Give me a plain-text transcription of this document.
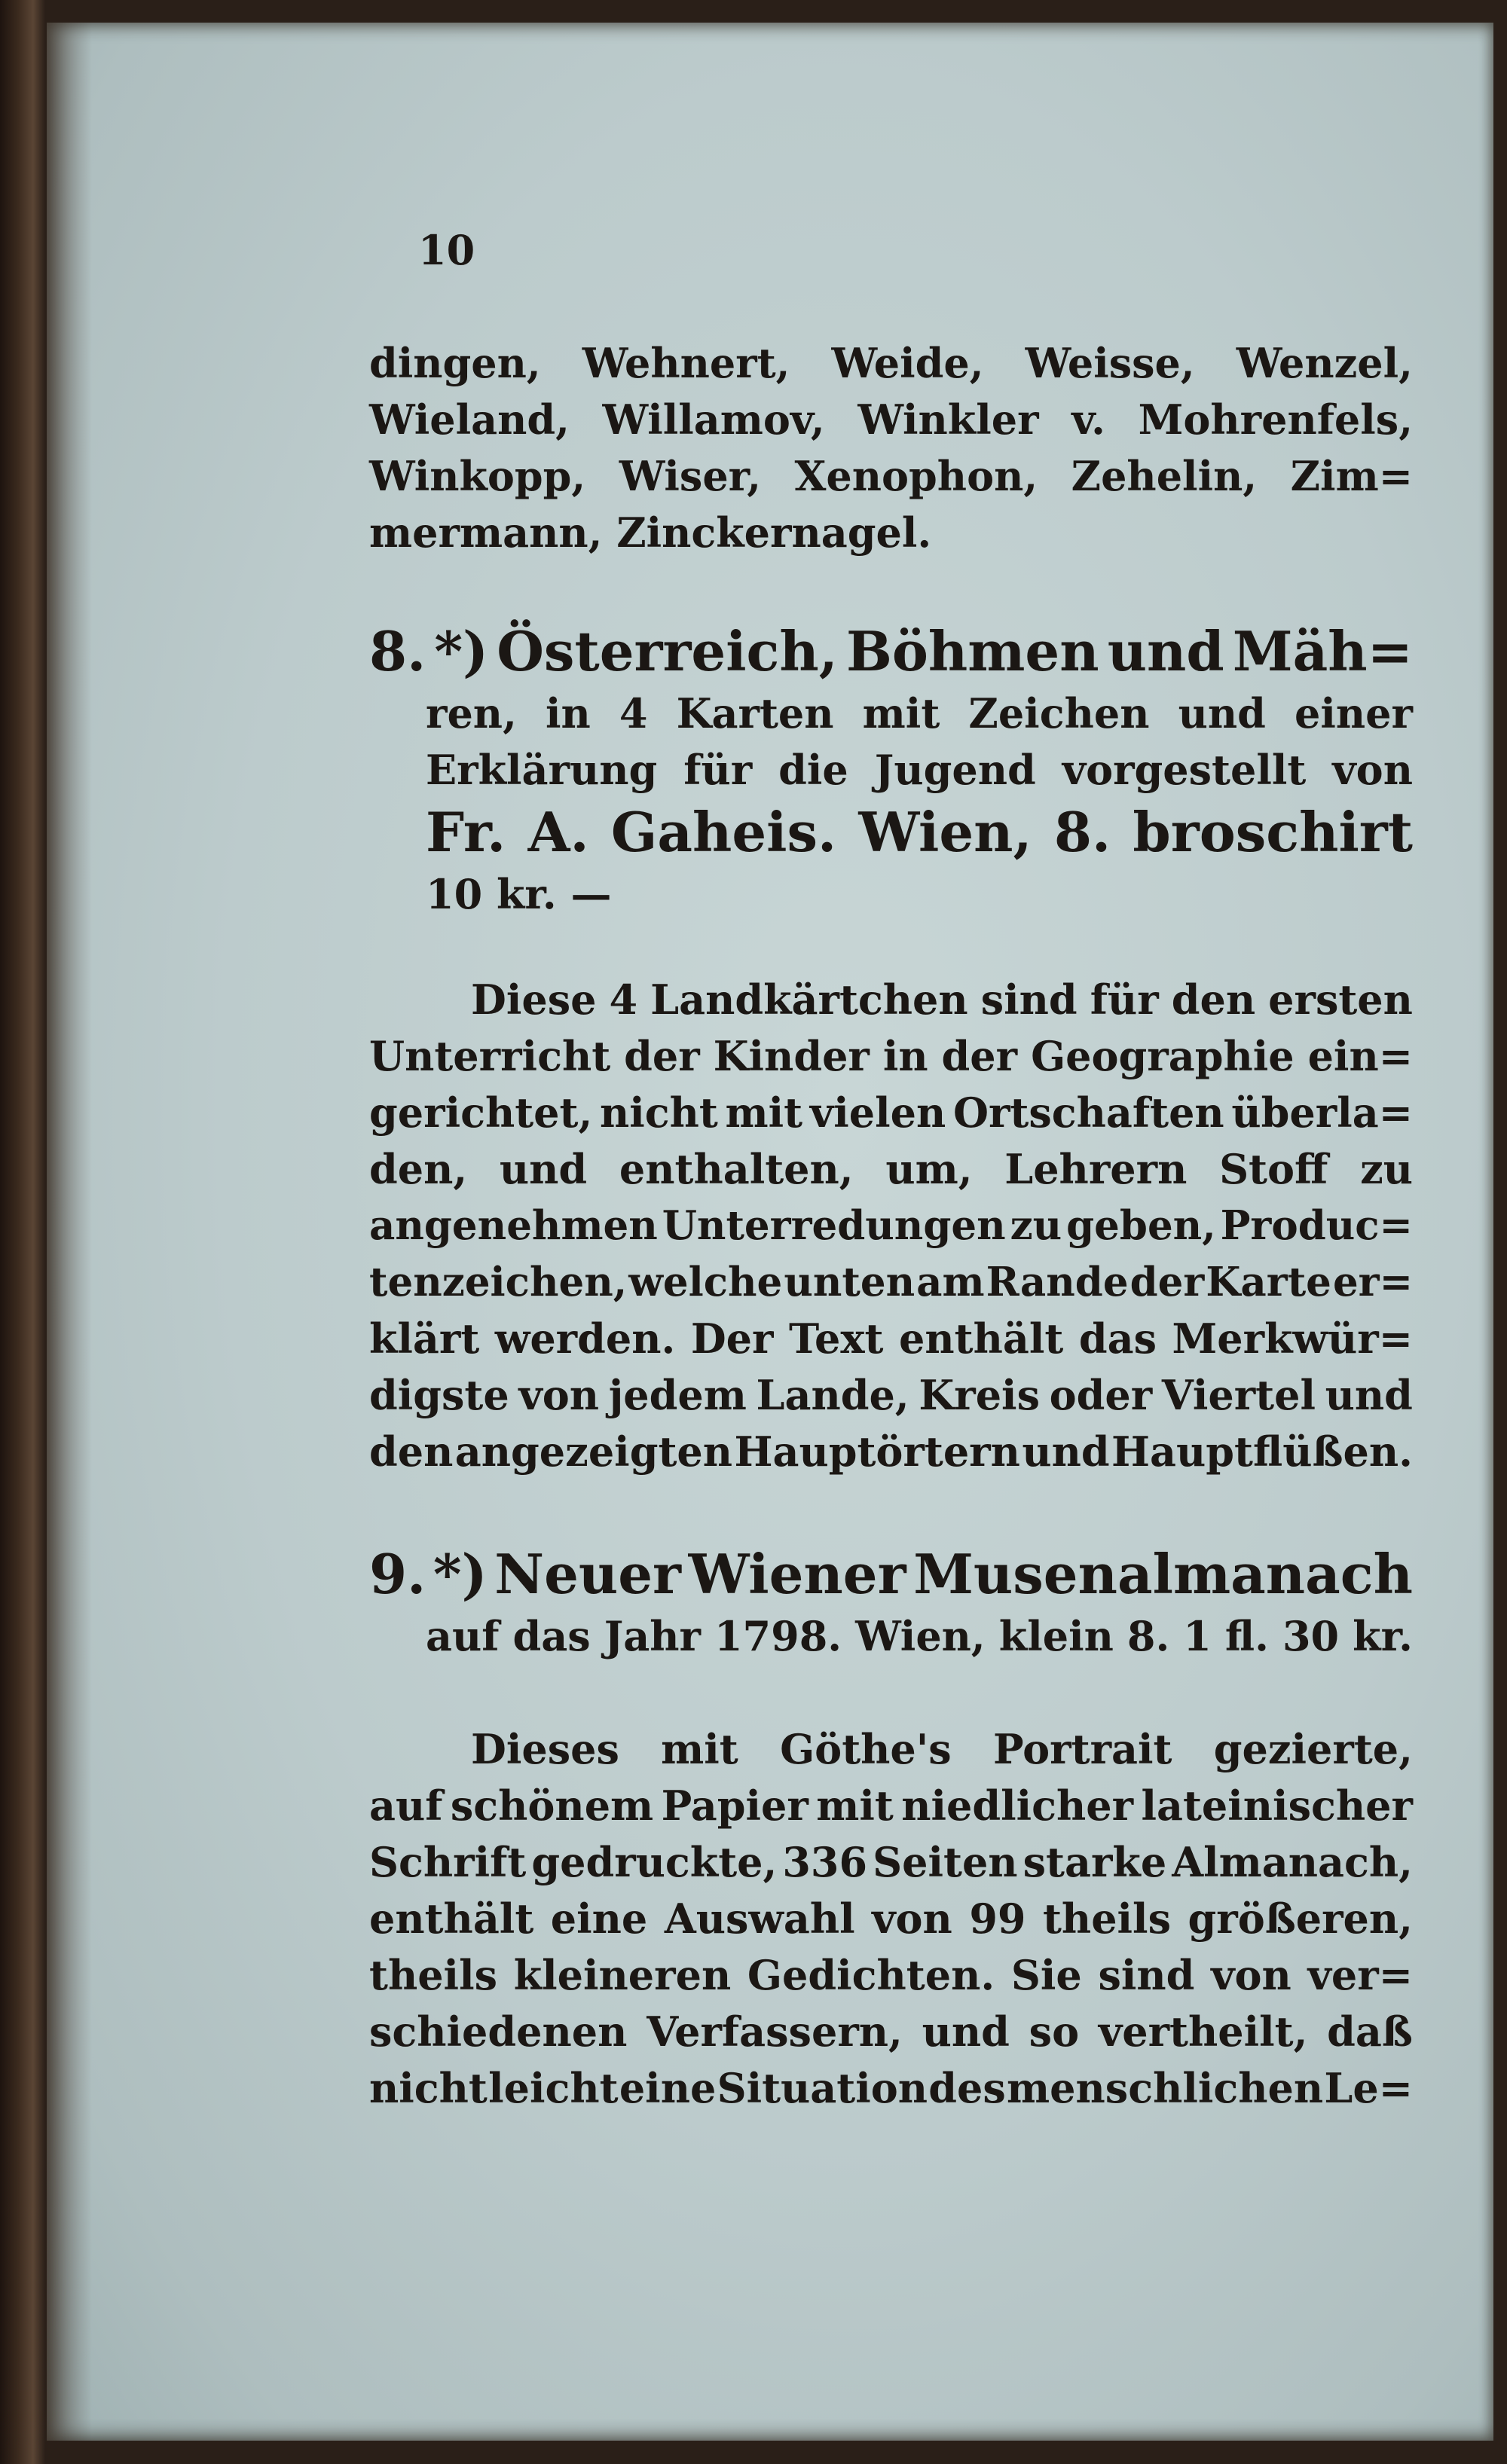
10
dingen, Wehnert, Weide, Weisse, Wenzel,
Wieland, Willamov, Winkler v. Mohrenfels,
Winkopp, Wiser, Xenophon, Zehelin, Zim=
mermann, Zinckernagel.
8. *) Österreich, Böhmen und Mäh=
ren, in 4 Karten mit Zeichen und einer
Erklärung für die Jugend vorgestellt von
Fr. A. Gaheis. Wien, 8. broschirt
10 kr. —
Diese 4 Landkärtchen sind für den ersten
Unterricht der Kinder in der Geographie ein=
gerichtet, nicht mit vielen Ortschaften überla=
den, und enthalten, um, Lehrern Stoff zu
angenehmen Unterredungen zu geben, Produc=
tenzeichen, welche unten am Rande der Karte er=
klärt werden. Der Text enthält das Merkwür=
digste von jedem Lande, Kreis oder Viertel und
den angezeigten Hauptörtern und Hauptflüßen.
9. *) Neuer Wiener Musenalmanach
auf das Jahr 1798. Wien, klein 8. 1 fl. 30 kr.
Dieses mit Göthe's Portrait gezierte,
auf schönem Papier mit niedlicher lateinischer
Schrift gedruckte, 336 Seiten starke Almanach,
enthält eine Auswahl von 99 theils größeren,
theils kleineren Gedichten. Sie sind von ver=
schiedenen Verfassern, und so vertheilt, daß
nicht leicht eine Situation des menschlichen Le=
